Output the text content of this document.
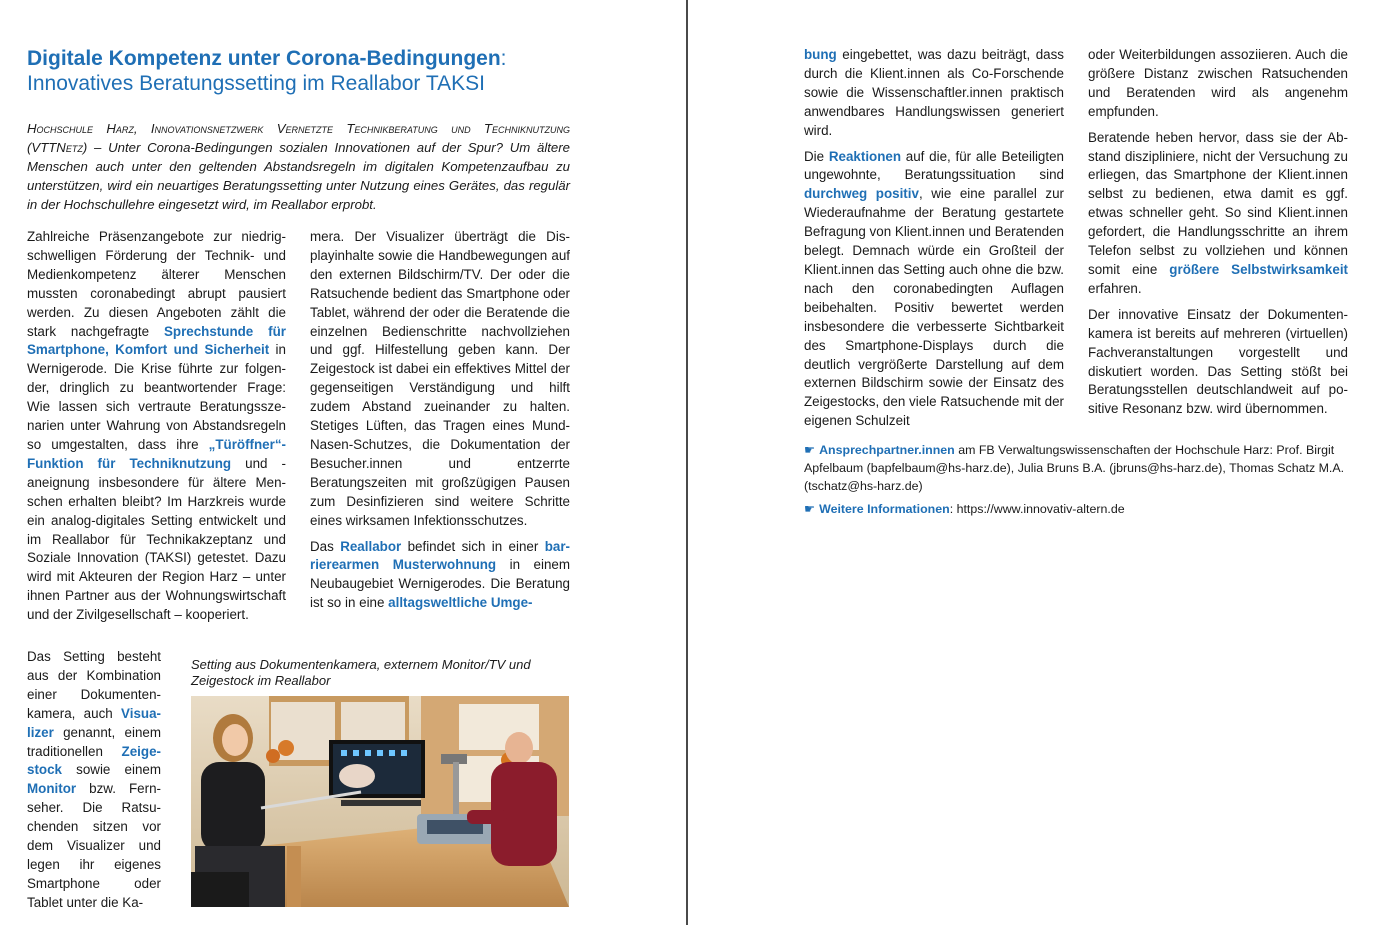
Digitale Kompetenz unter Corona-Bedingungen:
Innovatives Beratungssetting im Reallabor TAKSI
Hochschule Harz, Innovationsnetzwerk Vernetzte Technikberatung und Techniknutzung (VTTNetz) – Unter Corona-Bedingungen sozialen Innovationen auf der Spur? Um ältere Menschen auch unter den geltenden Abstandsregeln im digitalen Kompetenzaufbau zu unterstützen, wird ein neuartiges Beratungssetting unter Nutzung eines Gerätes, das regulär in der Hochschullehre eingesetzt wird, im Reallabor erprobt.

Zahlreiche Präsenzangebote zur niedrigschwelligen Förderung der Technik- und Medienkompetenz älterer Menschen mussten coronabedingt abrupt pausiert werden. Zu diesen Angeboten zählt die stark nachgefragte Sprechstunde für Smartphone, Komfort und Sicherheit in Wernigerode. Die Krise führte zur folgender, dringlich zu beantwortender Frage: Wie lassen sich vertraute Beratungsszenarien unter Wahrung von Abstandsregeln so umgestalten, dass ihre „Türöffner“-Funktion für Techniknutzung und -aneignung insbesondere für ältere Menschen erhalten bleibt? Im Harzkreis wurde ein analog-digitales Setting entwickelt und im Reallabor für Technikakzeptanz und Soziale Innovation (TAKSI) getestet. Dazu wird mit Akteuren der Region Harz – unter ihnen Partner aus der Wohnungswirtschaft und der Zivilgesellschaft – kooperiert.

Das Setting besteht aus der Kombination einer Dokumentenkamera, auch Visualizer genannt, einem traditionellen Zeigestock sowie einem Monitor bzw. Fernseher. Die Ratsuchenden sitzen vor dem Visualizer und legen ihr eigenes Smartphone oder Tablet unter die Ka-

mera. Der Visualizer überträgt die Displayinhalte sowie die Handbewegungen auf den externen Bildschirm/TV. Der oder die Ratsuchende bedient das Smartphone oder Tablet, während der oder die Beratende die einzelnen Bedienschritte nachvollziehen und ggf. Hilfestellung geben kann. Der Zeigestock ist dabei ein effektives Mittel der gegenseitigen Verständigung und hilft zudem Abstand zueinander zu halten. Stetiges Lüften, das Tragen eines Mund-Nasen-Schutzes, die Dokumentation der Besucher.innen und entzerrte Beratungszeiten mit großzügigen Pausen zum Desinfizieren sind weitere Schritte eines wirksamen Infektionsschutzes.

Das Reallabor befindet sich in einer barrierearmen Musterwohnung in einem Neubaugebiet Wernigerodes. Die Beratung ist so in eine alltagsweltliche Umge-

Setting aus Dokumentenkamera, externem Monitor/TV und Zeigestock im Reallabor

bung eingebettet, was dazu beiträgt, dass durch die Klient.innen als Co-Forschende sowie die Wissenschaftler.innen praktisch anwendbares Handlungswissen generiert wird.

Die Reaktionen auf die, für alle Beteiligten ungewohnte, Beratungssituation sind durchweg positiv, wie eine parallel zur Wiederaufnahme der Beratung gestartete Befragung von Klient.innen und Beratenden belegt. Demnach würde ein Großteil der Klient.innen das Setting auch ohne die bzw. nach den coronabedingten Auflagen beibehalten. Positiv bewertet werden insbesondere die verbesserte Sichtbarkeit des Smartphone-Displays durch die deutlich vergrößerte Darstellung auf dem externen Bildschirm sowie der Einsatz des Zeigestocks, den viele Ratsuchende mit der eigenen Schulzeit

oder Weiterbildungen assoziieren. Auch die größere Distanz zwischen Ratsuchenden und Beratenden wird als angenehm empfunden.

Beratende heben hervor, dass sie der Abstand diszipliniere, nicht der Versuchung zu erliegen, das Smartphone der Klient.innen selbst zu bedienen, etwa damit es ggf. etwas schneller geht. So sind Klient.innen gefordert, die Handlungsschritte an ihrem Telefon selbst zu vollziehen und können somit eine größere Selbstwirksamkeit erfahren.

Der innovative Einsatz der Dokumentenkamera ist bereits auf mehreren (virtuellen) Fachveranstaltungen vorgestellt und diskutiert worden. Das Setting stößt bei Beratungsstellen deutschlandweit auf positive Resonanz bzw. wird übernommen.

☛ Ansprechpartner.innen am FB Verwaltungswissenschaften der Hochschule Harz: Prof. Birgit Apfelbaum (bapfelbaum@hs-harz.de), Julia Bruns B.A. (jbruns@hs-harz.de), Thomas Schatz M.A. (tschatz@hs-harz.de)

☛ Weitere Informationen: https://www.innovativ-altern.de
